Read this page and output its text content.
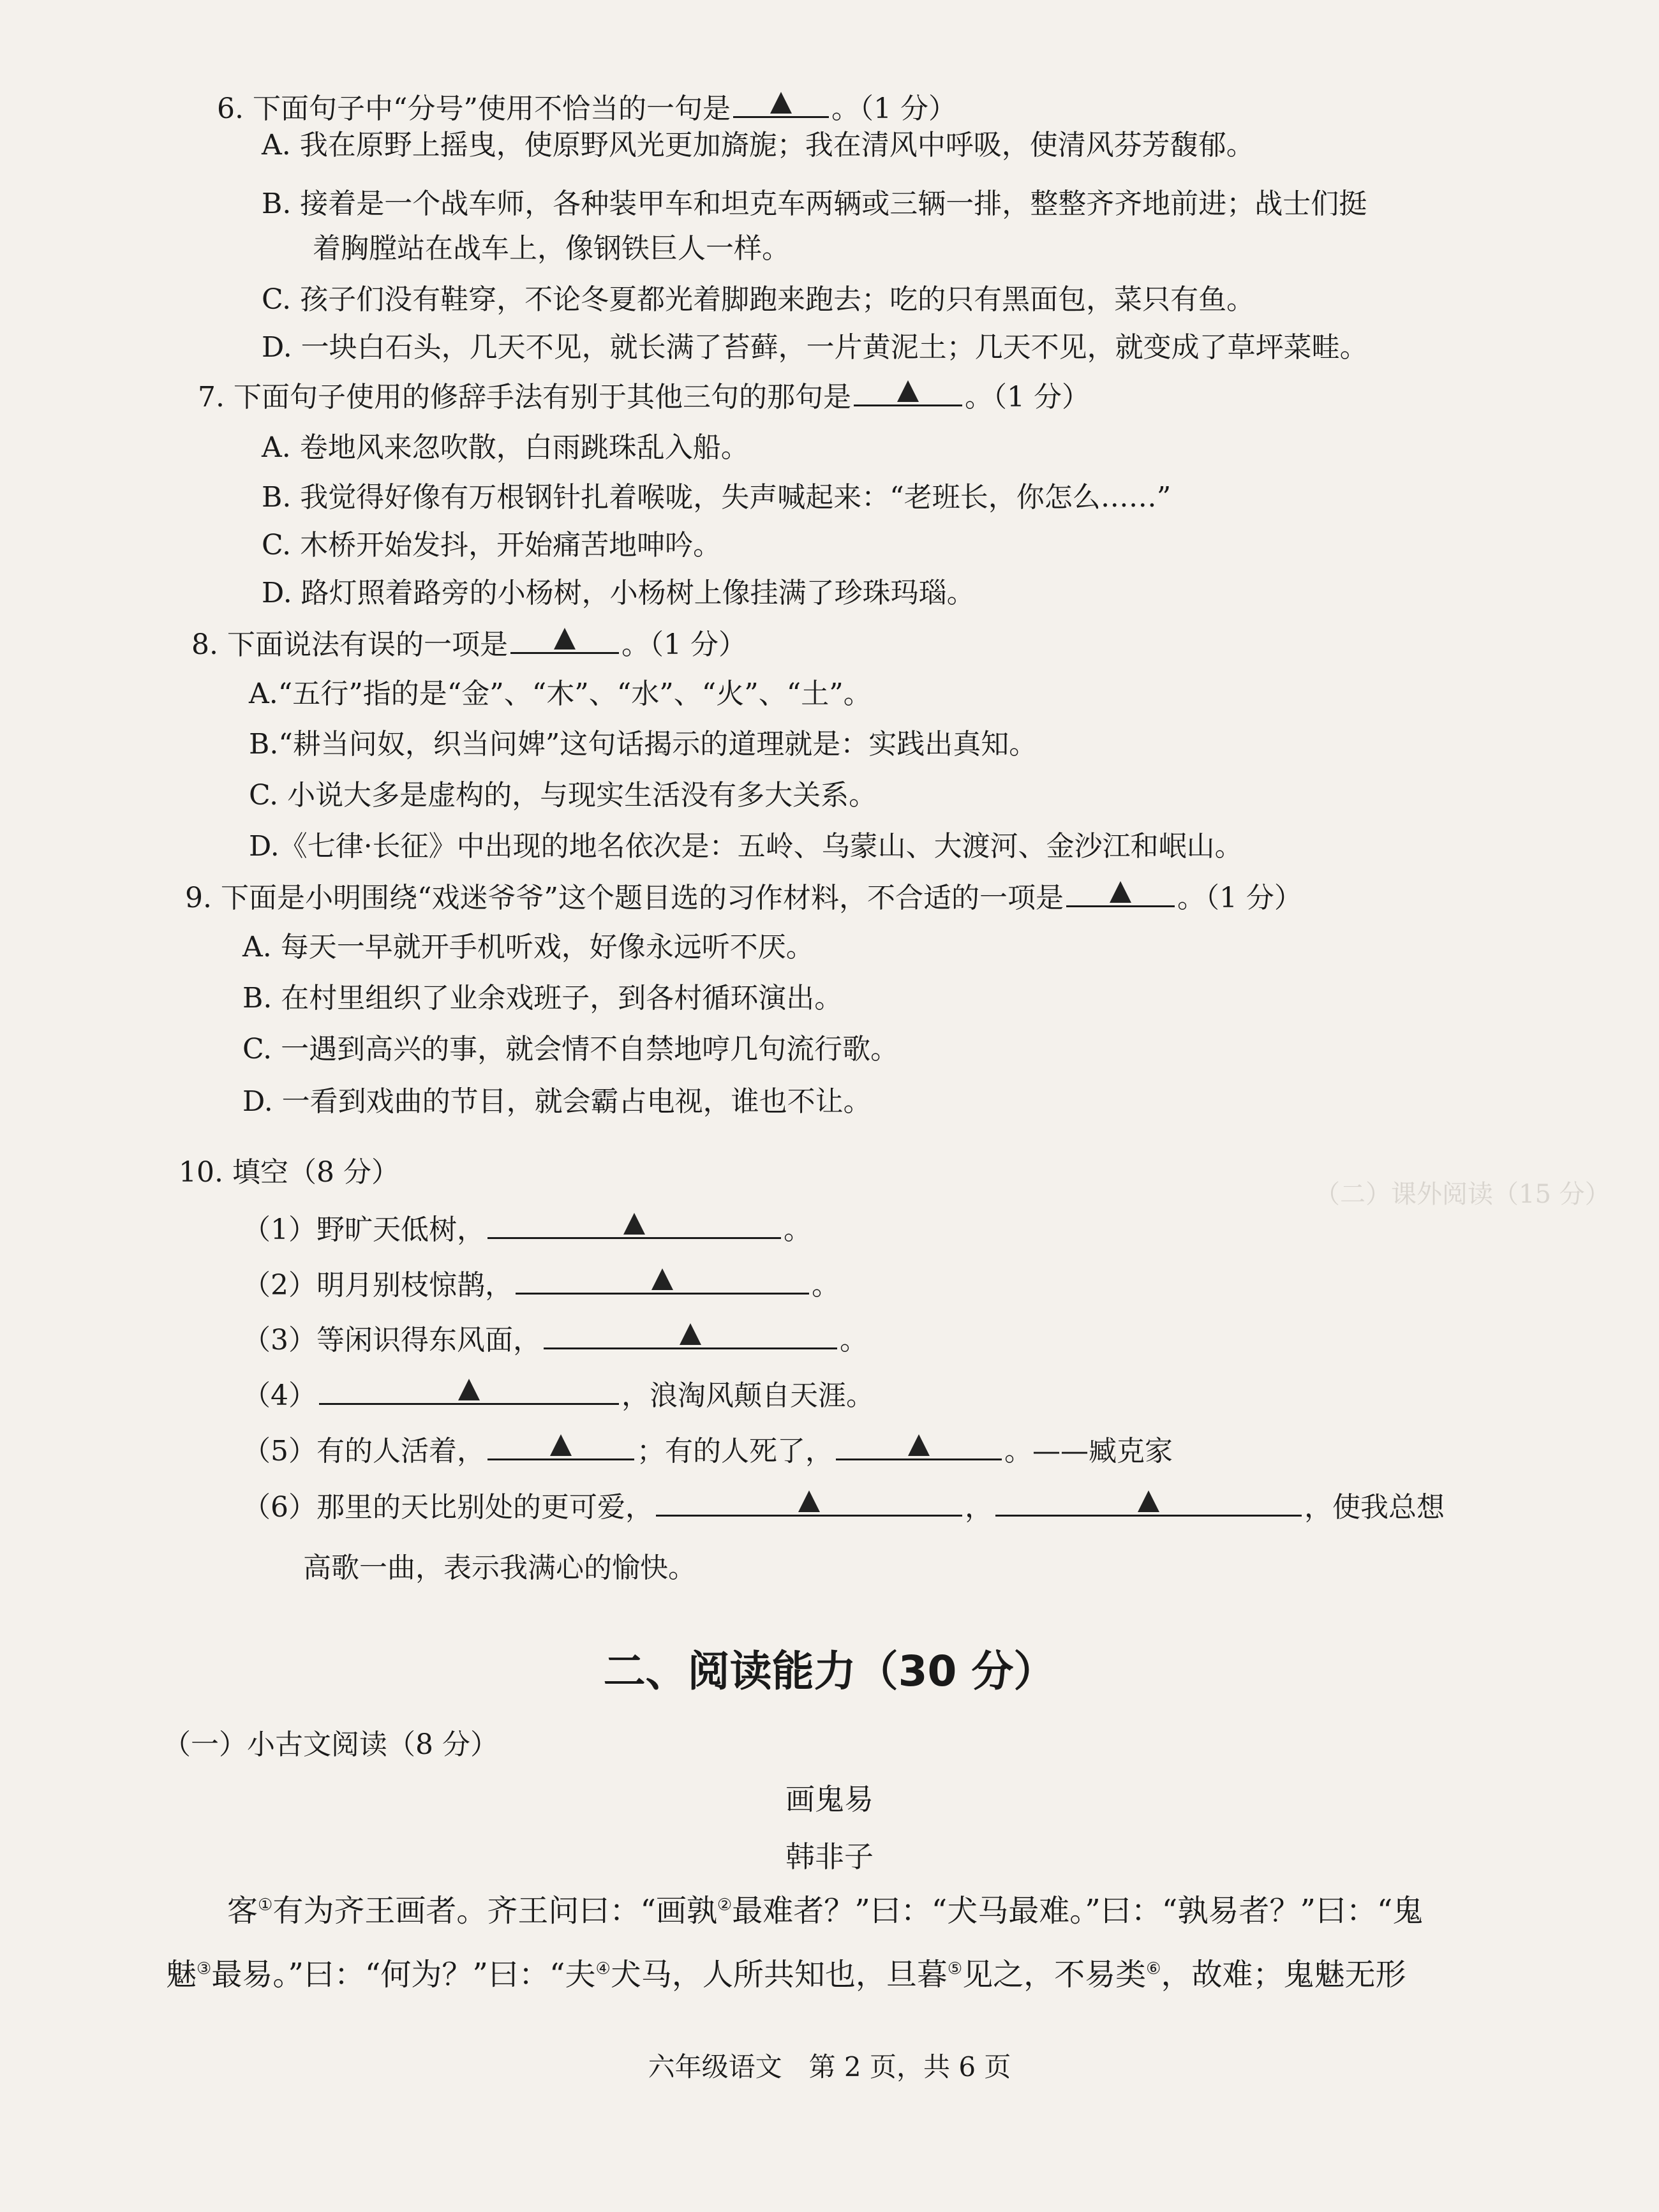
（二）课外阅读（15 分）
6. 下面句子中“分号”使用不恰当的一句是	。（1 分）
A. 我在原野上摇曳，使原野风光更加旖旎；我在清风中呼吸，使清风芬芳馥郁。
B. 接着是一个战车师，各种装甲车和坦克车两辆或三辆一排，整整齐齐地前进；战士们挺
着胸膛站在战车上，像钢铁巨人一样。
C. 孩子们没有鞋穿，不论冬夏都光着脚跑来跑去；吃的只有黑面包，菜只有鱼。
D. 一块白石头，几天不见，就长满了苔藓，一片黄泥土；几天不见，就变成了草坪菜畦。
7. 下面句子使用的修辞手法有别于其他三句的那句是	。（1 分）
A. 卷地风来忽吹散，白雨跳珠乱入船。
B. 我觉得好像有万根钢针扎着喉咙，失声喊起来：“老班长，你怎么……”
C. 木桥开始发抖，开始痛苦地呻吟。
D. 路灯照着路旁的小杨树，小杨树上像挂满了珍珠玛瑙。
8. 下面说法有误的一项是	。（1 分）
A.“五行”指的是“金”、“木”、“水”、“火”、“土”。
B.“耕当问奴，织当问婢”这句话揭示的道理就是：实践出真知。
C. 小说大多是虚构的，与现实生活没有多大关系。
D.《七律·长征》中出现的地名依次是：五岭、乌蒙山、大渡河、金沙江和岷山。
9. 下面是小明围绕“戏迷爷爷”这个题目选的习作材料，不合适的一项是	。（1 分）
A. 每天一早就开手机听戏，好像永远听不厌。
B. 在村里组织了业余戏班子，到各村循环演出。
C. 一遇到高兴的事，就会情不自禁地哼几句流行歌。
D. 一看到戏曲的节目，就会霸占电视，谁也不让。
10. 填空（8 分）
（1）野旷天低树，	。
（2）明月别枝惊鹊，	。
（3）等闲识得东风面，	。
（4）	，浪淘风颠自天涯。
（5）有的人活着，	；有的人死了，	。——臧克家
（6）那里的天比别处的更可爱，	，	，使我总想
高歌一曲，表示我满心的愉快。
二、阅读能力（30 分）
（一）小古文阅读（8 分）
画鬼易
韩非子
客①有为齐王画者。齐王问曰：“画孰②最难者？”曰：“犬马最难。”曰：“孰易者？”曰：“鬼
魅③最易。”曰：“何为？”曰：“夫④犬马，人所共知也，旦暮⑤见之，不易类⑥，故难；鬼魅无形
六年级语文　第 2 页，共 6 页
